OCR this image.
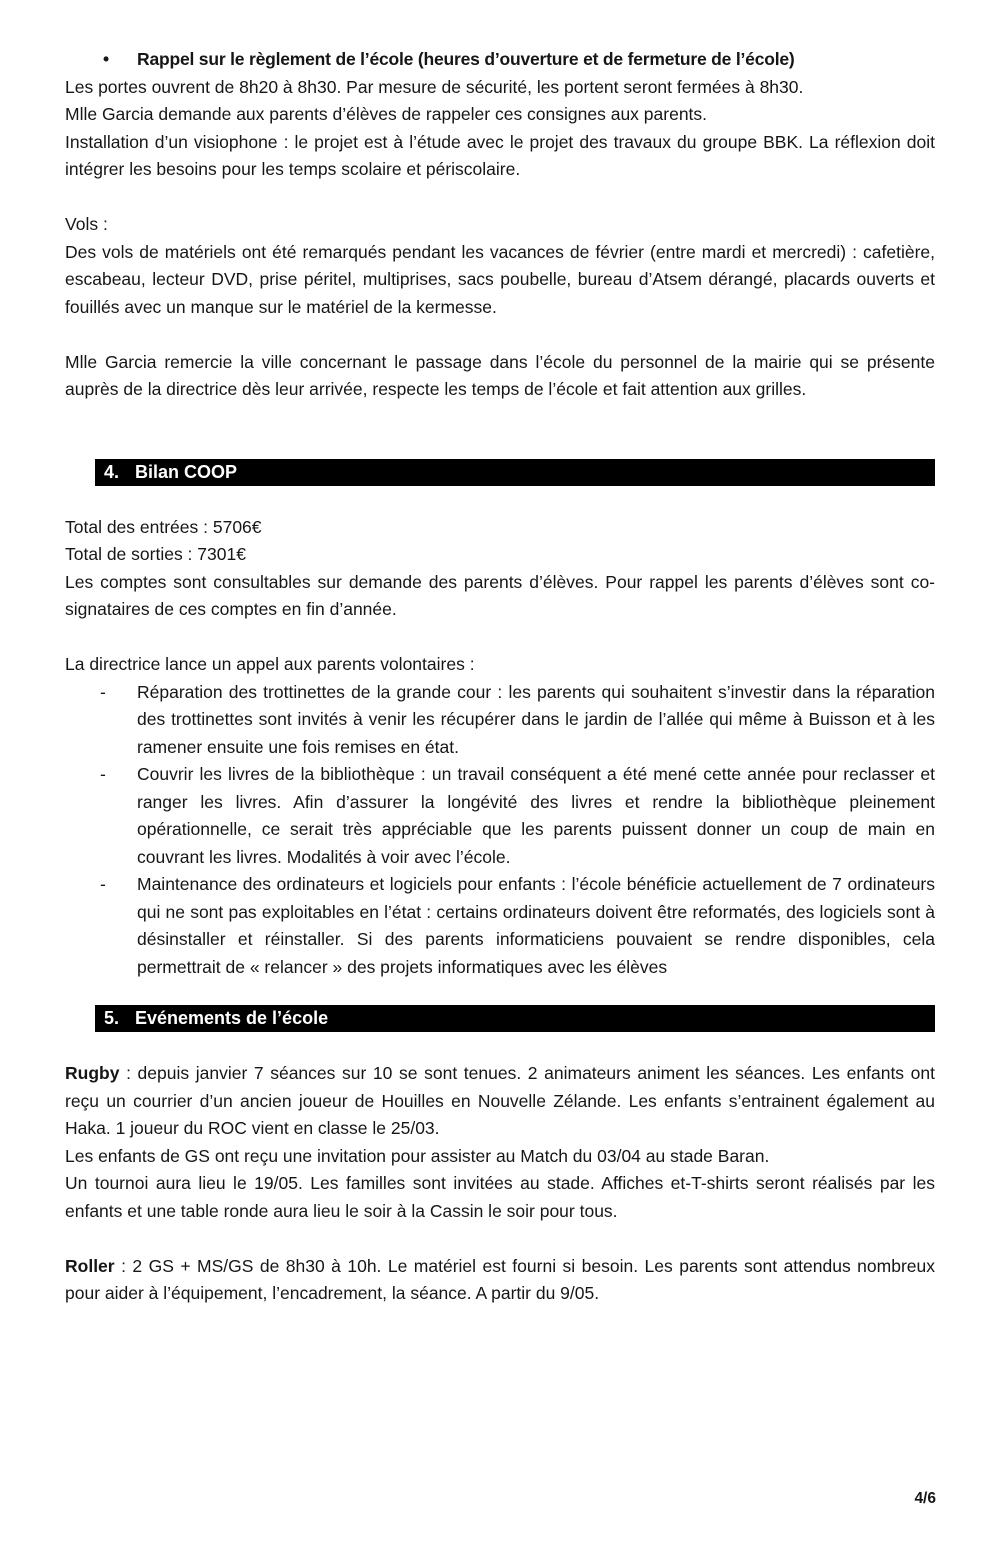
•	Rappel sur le règlement de l’école (heures d’ouverture et de fermeture de l’école)

Les portes ouvrent de 8h20 à 8h30. Par mesure de sécurité, les portent seront fermées à 8h30.

Mlle Garcia demande aux parents d’élèves de rappeler ces consignes aux parents.

Installation d’un visiophone : le projet est à l’étude avec le projet des travaux du groupe BBK. La réflexion doit intégrer les besoins pour les temps scolaire et périscolaire.

Vols :

Des vols de matériels ont été remarqués pendant les vacances de février (entre mardi et mercredi) : cafetière, escabeau, lecteur DVD, prise péritel, multiprises, sacs poubelle, bureau d’Atsem dérangé, placards ouverts et fouillés avec un manque sur le matériel de la kermesse.

Mlle Garcia remercie la ville concernant le passage dans l’école du personnel de la mairie qui se présente auprès de la directrice dès leur arrivée, respecte les temps de l’école et fait attention aux grilles.

4. Bilan COOP

Total des entrées : 5706€

Total de sorties : 7301€

Les comptes sont consultables sur demande des parents d’élèves. Pour rappel les parents d’élèves sont co-signataires de ces comptes en fin d’année.

La directrice lance un appel aux parents volontaires :

-	Réparation des trottinettes de la grande cour : les parents qui souhaitent s’investir dans la réparation des trottinettes sont invités à venir les récupérer dans le jardin de l’allée qui même à Buisson et à les ramener ensuite une fois remises en état.

-	Couvrir les livres de la bibliothèque : un travail conséquent a été mené cette année pour reclasser et ranger les livres. Afin d’assurer la longévité des livres et rendre la bibliothèque pleinement opérationnelle, ce serait très appréciable que les parents puissent donner un coup de main en couvrant les livres. Modalités à voir avec l’école.

-	Maintenance des ordinateurs et logiciels pour enfants : l’école bénéficie actuellement de 7 ordinateurs qui ne sont pas exploitables en l’état : certains ordinateurs doivent être reformatés, des logiciels sont à désinstaller et réinstaller. Si des parents informaticiens pouvaient se rendre disponibles, cela permettrait de « relancer » des projets informatiques avec les élèves

5. Evénements de l’école

Rugby : depuis janvier 7 séances sur 10 se sont tenues. 2 animateurs animent les séances. Les enfants ont reçu un courrier d’un ancien joueur de Houilles en Nouvelle Zélande. Les enfants s’entrainent également au Haka. 1 joueur du ROC vient en classe le 25/03.

Les enfants de GS ont reçu une invitation pour assister au Match du 03/04 au stade Baran.

Un tournoi aura lieu le 19/05. Les familles sont invitées au stade. Affiches et-T-shirts seront réalisés par les enfants et une table ronde aura lieu le soir à la Cassin le soir pour tous.

Roller : 2 GS + MS/GS de 8h30 à 10h. Le matériel est fourni si besoin. Les parents sont attendus nombreux pour aider à l’équipement, l’encadrement, la séance. A partir du 9/05.

4/6
